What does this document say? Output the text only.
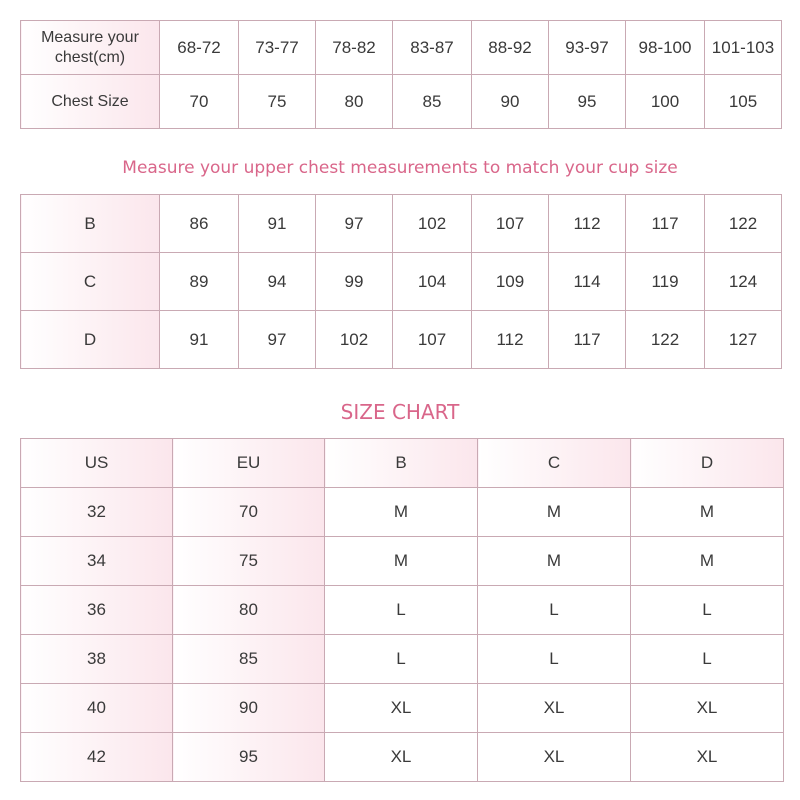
Measure your chest(cm)	68-72	73-77	78-82	83-87	88-92	93-97	98-100	101-103
Chest Size	70	75	80	85	90	95	100	105
Measure your upper chest measurements to match your cup size
B	86	91	97	102	107	112	117	122
C	89	94	99	104	109	114	119	124
D	91	97	102	107	112	117	122	127
SIZE CHART
US	EU	B	C	D
32	70	M	M	M
34	75	M	M	M
36	80	L	L	L
38	85	L	L	L
40	90	XL	XL	XL
42	95	XL	XL	XL
